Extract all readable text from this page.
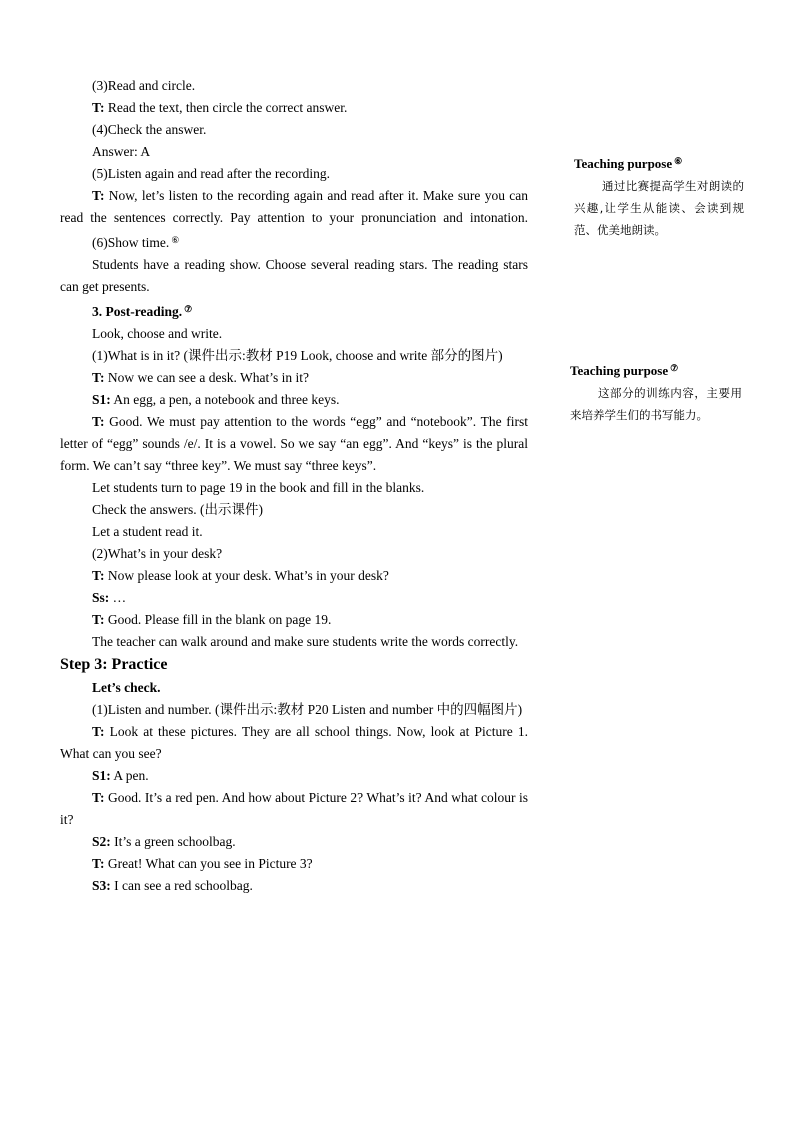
(3)Read and circle.

T: Read the text, then circle the correct answer.

(4)Check the answer.

Answer: A

(5)Listen again and read after the recording.

T: Now, let’s listen to the recording again and read after it. Make sure you can read the sentences correctly. Pay attention to your pronunciation and intonation.

(6)Show time. ⑥

Students have a reading show. Choose several reading stars. The reading stars can get presents.

3. Post-reading. ⑦

Look, choose and write.

(1)What is in it? (课件出示:教材 P19 Look, choose and write 部分的图片)

T: Now we can see a desk. What’s in it?

S1: An egg, a pen, a notebook and three keys.

T: Good. We must pay attention to the words “egg” and “notebook”. The first letter of “egg” sounds /e/. It is a vowel. So we say “an egg”. And “keys” is the plural form. We can’t say “three key”. We must say “three keys”.

Let students turn to page 19 in the book and fill in the blanks.

Check the answers. (出示课件)

Let a student read it.

(2)What’s in your desk?

T: Now please look at your desk. What’s in your desk?

Ss: …

T: Good. Please fill in the blank on page 19.

The teacher can walk around and make sure students write the words correctly.

Step 3: Practice

Let’s check.

(1)Listen and number. (课件出示:教材 P20 Listen and number 中的四幅图片)

T: Look at these pictures. They are all school things. Now, look at Picture 1. What can you see?

S1: A pen.

T: Good. It’s a red pen. And how about Picture 2? What’s it? And what colour is it?

S2: It’s a green schoolbag.

T: Great! What can you see in Picture 3?

S3: I can see a red schoolbag.

Teaching purpose ⑥

通过比赛提高学生对朗读的兴趣,让学生从能读、会读到规范、优美地朗读。

Teaching purpose ⑦

这部分的训练内容，主要用来培养学生们的书写能力。
